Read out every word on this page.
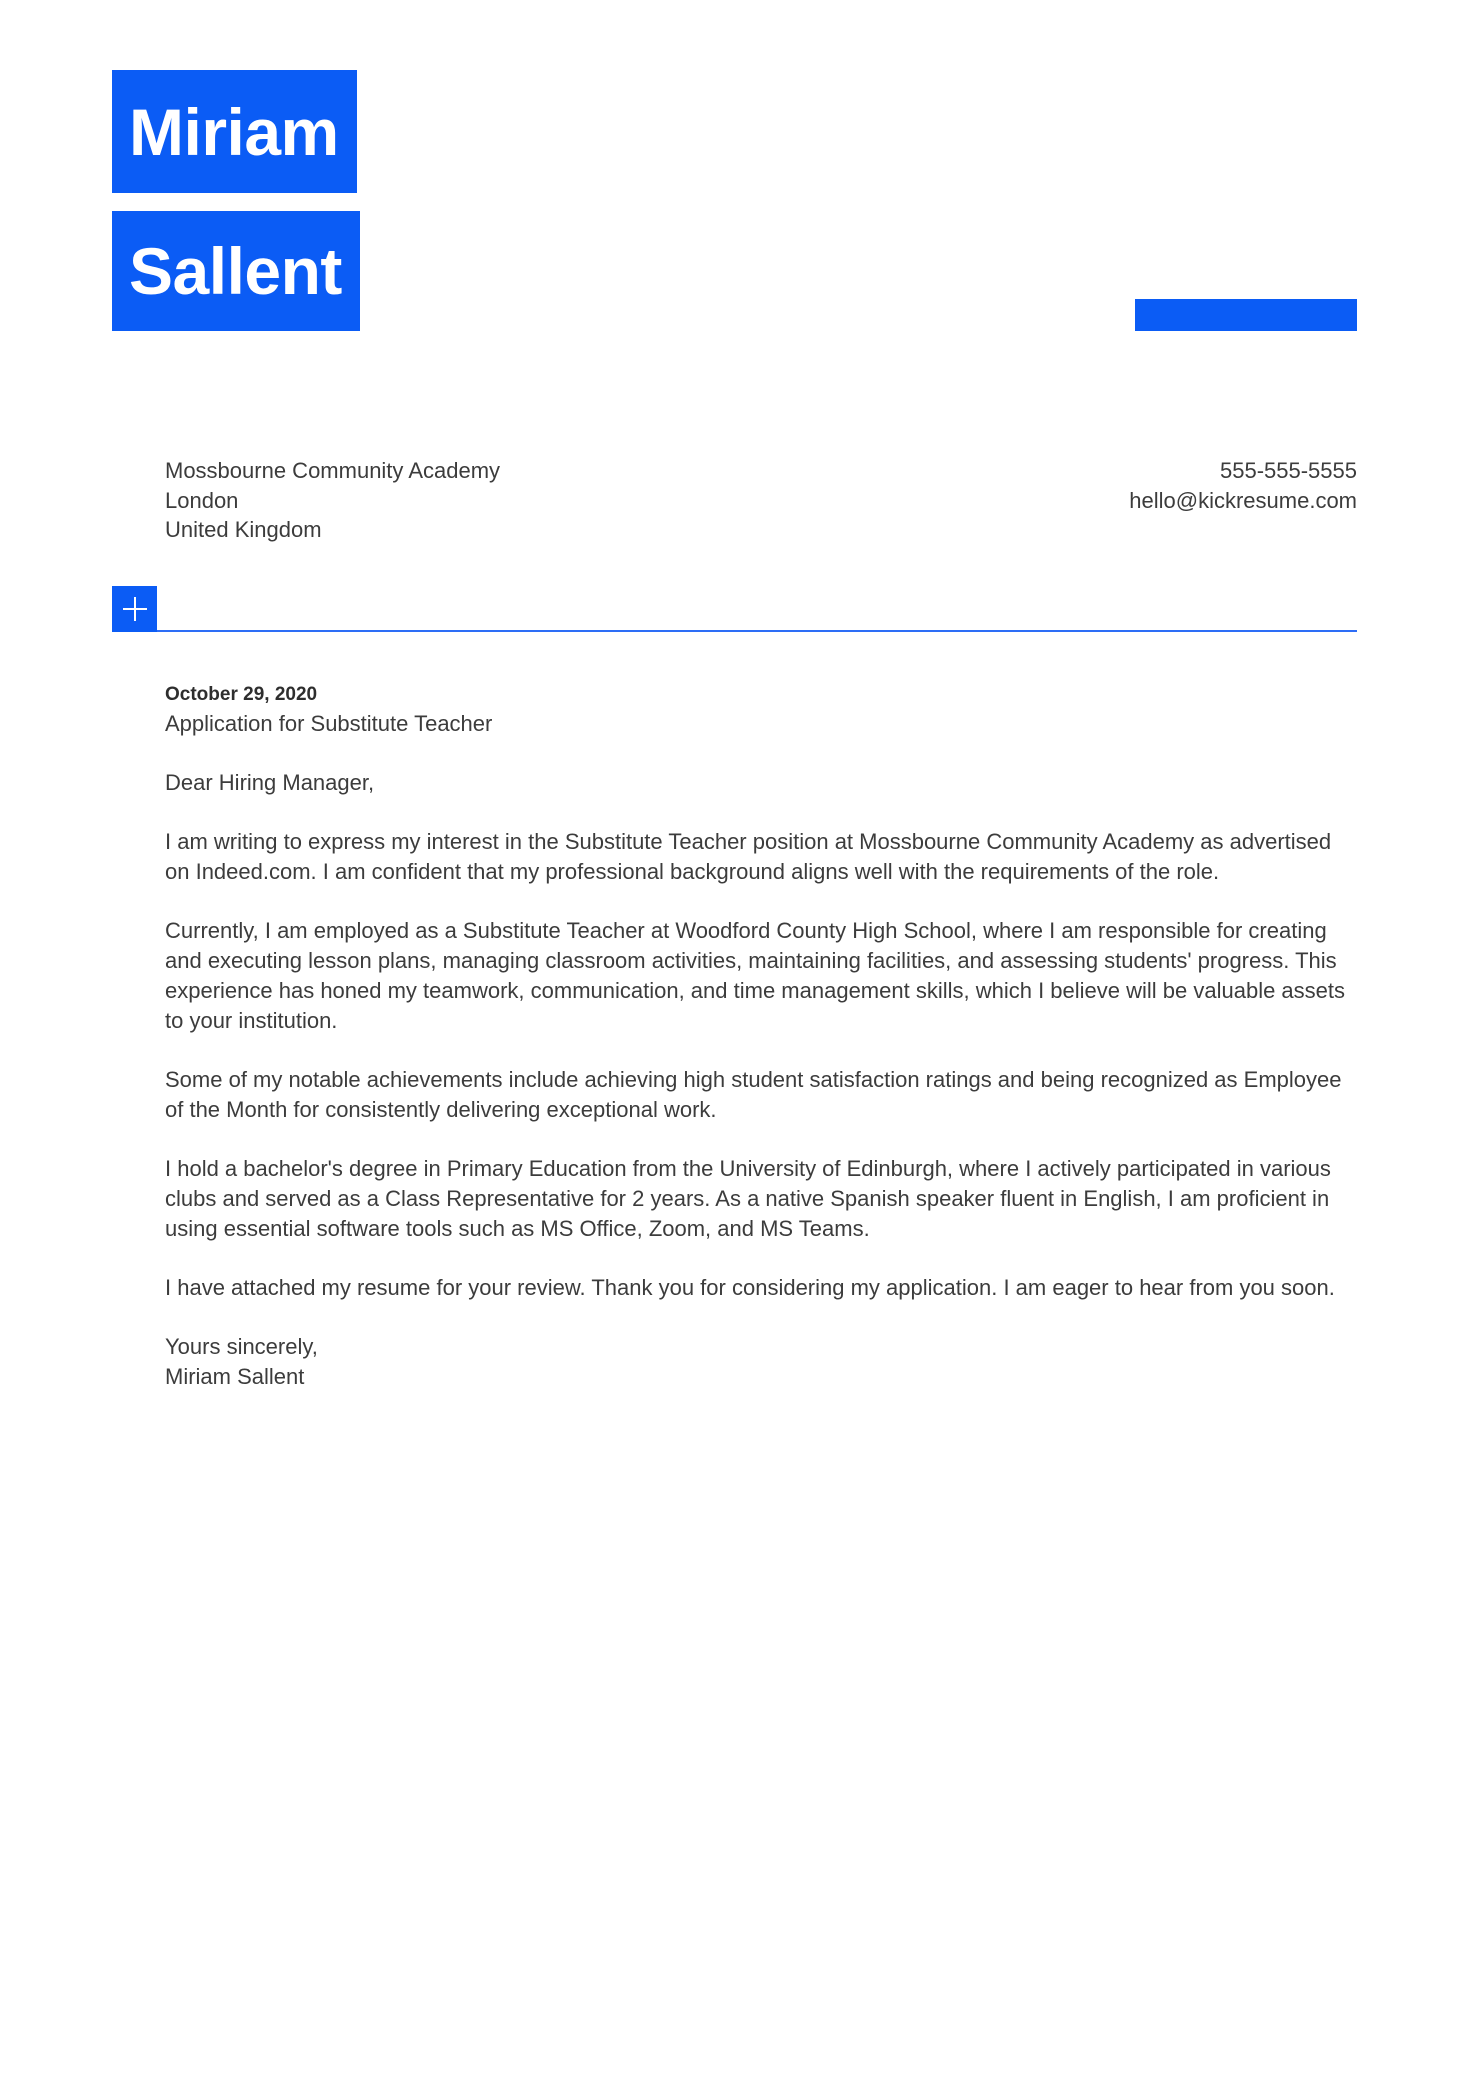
Miriam
Sallent
Mossbourne Community Academy
London
United Kingdom
555-555-5555
hello@kickresume.com
October 29, 2020
Application for Substitute Teacher
Dear Hiring Manager,

I am writing to express my interest in the Substitute Teacher position at Mossbourne Community Academy as advertised on Indeed.com. I am confident that my professional background aligns well with the requirements of the role.

Currently, I am employed as a Substitute Teacher at Woodford County High School, where I am responsible for creating and executing lesson plans, managing classroom activities, maintaining facilities, and assessing students' progress. This experience has honed my teamwork, communication, and time management skills, which I believe will be valuable assets to your institution.

Some of my notable achievements include achieving high student satisfaction ratings and being recognized as Employee of the Month for consistently delivering exceptional work.

I hold a bachelor's degree in Primary Education from the University of Edinburgh, where I actively participated in various clubs and served as a Class Representative for 2 years. As a native Spanish speaker fluent in English, I am proficient in using essential software tools such as MS Office, Zoom, and MS Teams.

I have attached my resume for your review. Thank you for considering my application. I am eager to hear from you soon.

Yours sincerely,
Miriam Sallent
